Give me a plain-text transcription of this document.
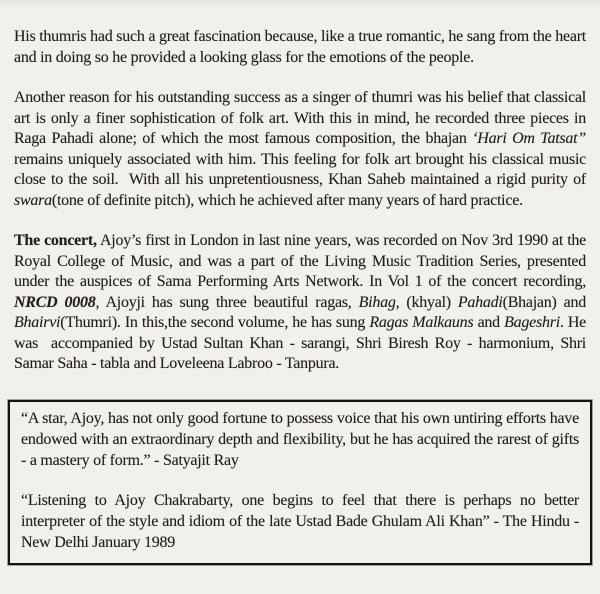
His thumris had such a great fascination because, like a true romantic, he sang from the heart and in doing so he provided a looking glass for the emotions of the people.

Another reason for his outstanding success as a singer of thumri was his belief that classical art is only a finer sophistication of folk art. With this in mind, he recorded three pieces in Raga Pahadi alone; of which the most famous composition, the bhajan ‘Hari Om Tatsat” remains uniquely associated with him. This feeling for folk art brought his classical music close to the soil.  With all his unpretentiousness, Khan Saheb maintained a rigid purity of swara(tone of definite pitch), which he achieved after many years of hard practice.

The concert, Ajoy’s first in London in last nine years, was recorded on Nov 3rd 1990 at the Royal College of Music, and was a part of the Living Music Tradition Series, presented under the auspices of Sama Performing Arts Network. In Vol 1 of the concert recording, NRCD 0008, Ajoyji has sung three beautiful ragas, Bihag, (khyal) Pahadi(Bhajan) and Bhairvi(Thumri). In this,the second volume, he has sung Ragas Malkauns and Bageshri. He was  accompanied by Ustad Sultan Khan - sarangi, Shri Biresh Roy - harmonium, Shri Samar Saha - tabla and Loveleena Labroo - Tanpura.

“A star, Ajoy, has not only good fortune to possess voice that his own untiring efforts have endowed with an extraordinary depth and flexibility, but he has acquired the rarest of gifts - a mastery of form.” - Satyajit Ray

“Listening to Ajoy Chakrabarty, one begins to feel that there is perhaps no better interpreter of the style and idiom of the late Ustad Bade Ghulam Ali Khan” - The Hindu - New Delhi January 1989
